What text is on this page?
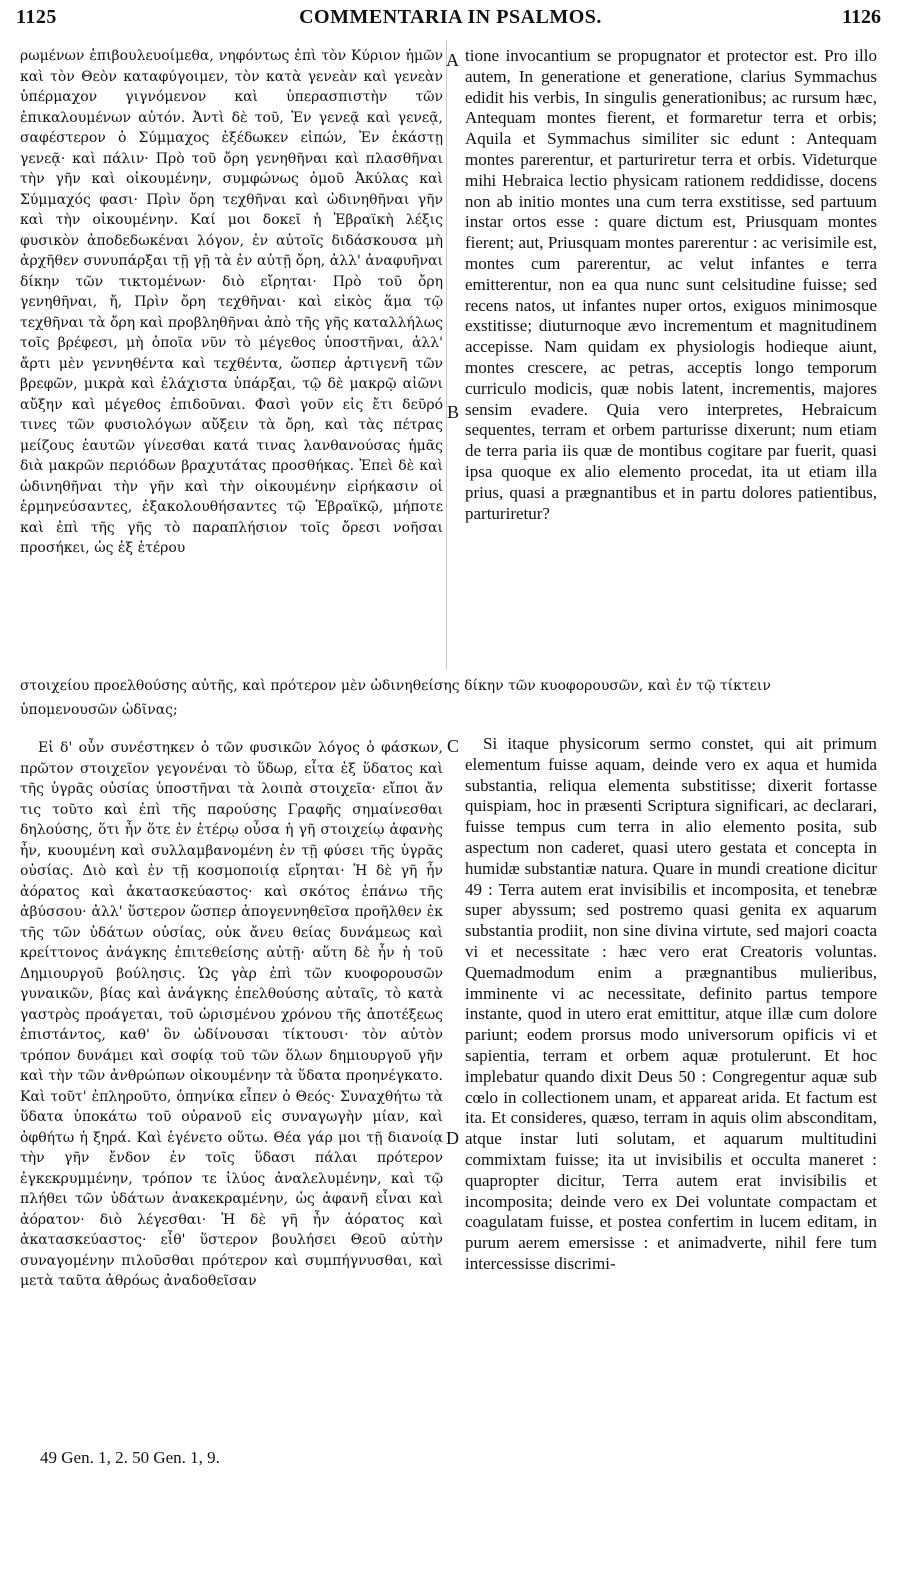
1125	COMMENTARIA IN PSALMOS.	1126
A
B
C
D

ρωμένων ἐπιβουλευοίμεθα, νηφόντως ἐπὶ τὸν Κύριον ἡμῶν καὶ τὸν Θεὸν καταφύγοιμεν, τὸν κατὰ γενεὰν καὶ γενεὰν ὑπέρμαχον γιγνόμενον καὶ ὑπερασπιστὴν τῶν ἐπικαλουμένων αὐτόν. Ἀντὶ δὲ τοῦ, Ἐν γενεᾷ καὶ γενεᾷ, σαφέστερον ὁ Σύμμαχος ἐξέδωκεν εἰπών, Ἐν ἑκάστῃ γενεᾷ· καὶ πάλιν· Πρὸ τοῦ ὄρη γενηθῆναι καὶ πλασθῆναι τὴν γῆν καὶ οἰκουμένην, συμφώνως ὁμοῦ Ἀκύλας καὶ Σύμμαχός φασι· Πρὶν ὄρη τεχθῆναι καὶ ὠδινηθῆναι γῆν καὶ τὴν οἰκουμένην. Καί μοι δοκεῖ ἡ Ἑβραϊκὴ λέξις φυσικὸν ἀποδεδωκέναι λόγον, ἐν αὐτοῖς διδάσκουσα μὴ ἀρχῆθεν συνυπάρξαι τῇ γῇ τὰ ἐν αὐτῇ ὄρη, ἀλλ' ἀναφυῆναι δίκην τῶν τικτομένων· διὸ εἴρηται· Πρὸ τοῦ ὄρη γενηθῆναι, ἤ, Πρὶν ὄρη τεχθῆναι· καὶ εἰκὸς ἅμα τῷ τεχθῆναι τὰ ὄρη καὶ προβληθῆναι ἀπὸ τῆς γῆς καταλλήλως τοῖς βρέφεσι, μὴ ὁποῖα νῦν τὸ μέγεθος ὑποστῆναι, ἀλλ' ἄρτι μὲν γεννηθέντα καὶ τεχθέντα, ὥσπερ ἀρτιγενῆ τῶν βρεφῶν, μικρὰ καὶ ἐλάχιστα ὑπάρξαι, τῷ δὲ μακρῷ αἰῶνι αὔξην καὶ μέγεθος ἐπιδοῦναι. Φασὶ γοῦν εἰς ἔτι δεῦρό τινες τῶν φυσιολόγων αὔξειν τὰ ὄρη, καὶ τὰς πέτρας μείζους ἑαυτῶν γίνεσθαι κατά τινας λανθανούσας ἡμᾶς διὰ μακρῶν περιόδων βραχυτάτας προσθήκας. Ἐπεὶ δὲ καὶ ὠδινηθῆναι τὴν γῆν καὶ τὴν οἰκουμένην εἰρήκασιν οἱ ἑρμηνεύσαντες, ἐξακολουθήσαντες τῷ Ἑβραϊκῷ, μήποτε καὶ ἐπὶ τῆς γῆς τὸ παραπλήσιον τοῖς ὄρεσι νοῆσαι προσήκει, ὡς ἐξ ἑτέρου

tione invocantium se propugnator et protector est. Pro illo autem, In generatione et generatione, clarius Symmachus edidit his verbis, In singulis generationibus; ac rursum hæc, Antequam montes fierent, et formaretur terra et orbis; Aquila et Symmachus similiter sic edunt : Antequam montes parerentur, et parturiretur terra et orbis. Videturque mihi Hebraica lectio physicam rationem reddidisse, docens non ab initio montes una cum terra exstitisse, sed partuum instar ortos esse : quare dictum est, Priusquam montes fierent; aut, Priusquam montes parerentur : ac verisimile est, montes cum parerentur, ac velut infantes e terra emitterentur, non ea qua nunc sunt celsitudine fuisse; sed recens natos, ut infantes nuper ortos, exiguos minimosque exstitisse; diuturnoque ævo incrementum et magnitudinem accepisse. Nam quidam ex physiologis hodieque aiunt, montes crescere, ac petras, acceptis longo temporum curriculo modicis, quæ nobis latent, incrementis, majores sensim evadere. Quia vero interpretes, Hebraicum sequentes, terram et orbem parturisse dixerunt; num etiam de terra paria iis quæ de montibus cogitare par fuerit, quasi ipsa quoque ex alio elemento procedat, ita ut etiam illa prius, quasi a prægnantibus et in partu dolores patientibus, parturiretur?

στοιχείου προελθούσης αὐτῆς, καὶ πρότερον μὲν ὠδινηθείσης δίκην τῶν κυοφορουσῶν, καὶ ἐν τῷ τίκτειν
ὑπομενουσῶν ὠδῖνας;

Εἰ δ' οὖν συνέστηκεν ὁ τῶν φυσικῶν λόγος ὁ φάσκων, πρῶτον στοιχεῖον γεγονέναι τὸ ὕδωρ, εἶτα ἐξ ὕδατος καὶ τῆς ὑγρᾶς οὐσίας ὑποστῆναι τὰ λοιπὰ στοιχεῖα· εἴποι ἄν τις τοῦτο καὶ ἐπὶ τῆς παρούσης Γραφῆς σημαίνεσθαι δηλούσης, ὅτι ἦν ὅτε ἐν ἑτέρῳ οὖσα ἡ γῆ στοιχείῳ ἀφανὴς ἦν, κυουμένη καὶ συλλαμβανομένη ἐν τῇ φύσει τῆς ὑγρᾶς οὐσίας. Διὸ καὶ ἐν τῇ κοσμοποιίᾳ εἴρηται· Ἡ δὲ γῆ ἦν ἀόρατος καὶ ἀκατασκεύαστος· καὶ σκότος ἐπάνω τῆς ἀβύσσου· ἀλλ' ὕστερον ὥσπερ ἀπογεννηθεῖσα προῆλθεν ἐκ τῆς τῶν ὑδάτων οὐσίας, οὐκ ἄνευ θείας δυνάμεως καὶ κρείττονος ἀνάγκης ἐπιτεθείσης αὐτῇ· αὕτη δὲ ἦν ἡ τοῦ Δημιουργοῦ βούλησις. Ὡς γὰρ ἐπὶ τῶν κυοφορουσῶν γυναικῶν, βίας καὶ ἀνάγκης ἐπελθούσης αὐταῖς, τὸ κατὰ γαστρὸς προάγεται, τοῦ ὡρισμένου χρόνου τῆς ἀποτέξεως ἐπιστάντος, καθ' ὃν ὠδίνουσαι τίκτουσι· τὸν αὐτὸν τρόπον δυνάμει καὶ σοφίᾳ τοῦ τῶν ὅλων δημιουργοῦ γῆν καὶ τὴν τῶν ἀνθρώπων οἰκουμένην τὰ ὕδατα προηνέγκατο. Καὶ τοῦτ' ἐπληροῦτο, ὁπηνίκα εἶπεν ὁ Θεός· Συναχθήτω τὰ ὕδατα ὑποκάτω τοῦ οὐρανοῦ εἰς συναγωγὴν μίαν, καὶ ὀφθήτω ἡ ξηρά. Καὶ ἐγένετο οὕτω. Θέα γάρ μοι τῇ διανοίᾳ τὴν γῆν ἔνδον ἐν τοῖς ὕδασι πάλαι πρότερον ἐγκεκρυμμένην, τρόπον τε ἰλύος ἀναλελυμένην, καὶ τῷ πλήθει τῶν ὑδάτων ἀνακεκραμένην, ὡς ἀφανῆ εἶναι καὶ ἀόρατον· διὸ λέγεσθαι· Ἡ δὲ γῆ ἦν ἀόρατος καὶ ἀκατασκεύαστος· εἶθ' ὕστερον βουλήσει Θεοῦ αὐτὴν συναγομένην πιλοῦσθαι πρότερον καὶ συμπήγνυσθαι, καὶ μετὰ ταῦτα ἀθρόως ἀναδοθεῖσαν

Si itaque physicorum sermo constet, qui ait primum elementum fuisse aquam, deinde vero ex aqua et humida substantia, reliqua elementa substitisse; dixerit fortasse quispiam, hoc in præsenti Scriptura significari, ac declarari, fuisse tempus cum terra in alio elemento posita, sub aspectum non caderet, quasi utero gestata et concepta in humidæ substantiæ natura. Quare in mundi creatione dicitur 49 : Terra autem erat invisibilis et incomposita, et tenebræ super abyssum; sed postremo quasi genita ex aquarum substantia prodiit, non sine divina virtute, sed majori coacta vi et necessitate : hæc vero erat Creatoris voluntas. Quemadmodum enim a prægnantibus mulieribus, imminente vi ac necessitate, definito partus tempore instante, quod in utero erat emittitur, atque illæ cum dolore pariunt; eodem prorsus modo universorum opificis vi et sapientia, terram et orbem aquæ protulerunt. Et hoc implebatur quando dixit Deus 50 : Congregentur aquæ sub cœlo in collectionem unam, et appareat arida. Et factum est ita. Et consideres, quæso, terram in aquis olim absconditam, atque instar luti solutam, et aquarum multitudini commixtam fuisse; ita ut invisibilis et occulta maneret : quapropter dicitur, Terra autem erat invisibilis et incomposita; deinde vero ex Dei voluntate compactam et coagulatam fuisse, et postea confertim in lucem editam, in purum aerem emersisse : et animadverte, nihil fere tum intercessisse discrimi-

49 Gen. 1, 2. 50 Gen. 1, 9.
